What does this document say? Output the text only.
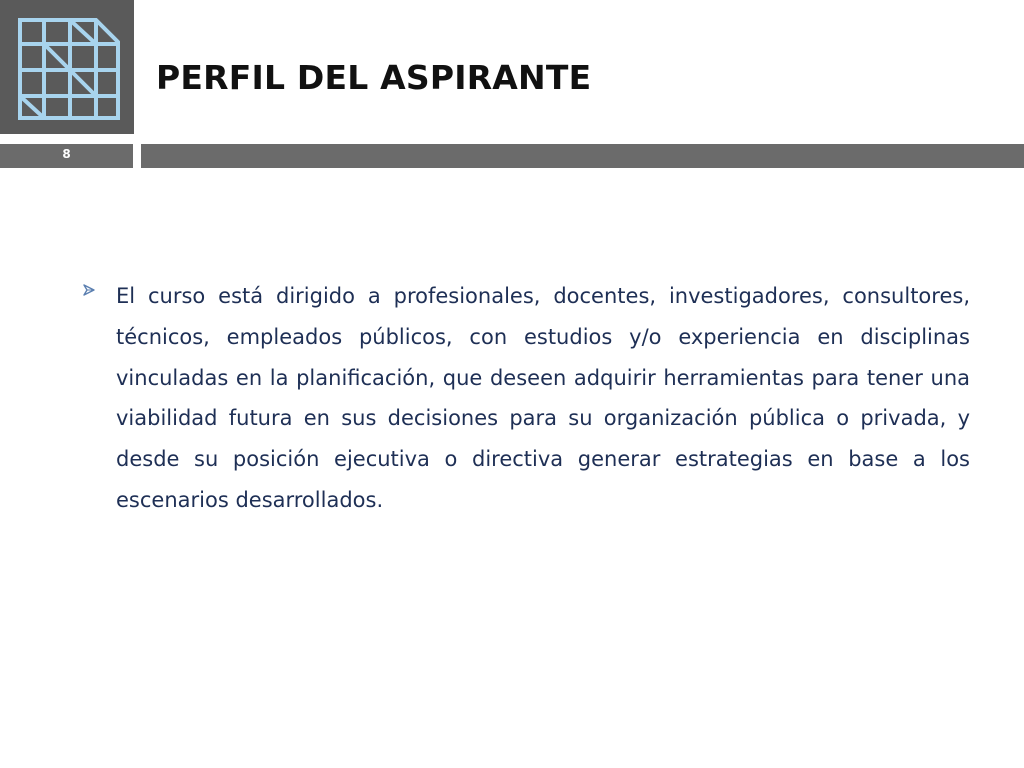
PERFIL DEL ASPIRANTE
8
El curso está dirigido a profesionales, docentes, investigadores, consultores, técnicos, empleados públicos, con estudios y/o experiencia en disciplinas vinculadas en la planificación, que deseen adquirir herramientas para tener una viabilidad futura en sus decisiones para su organización pública o privada, y desde su posición ejecutiva o directiva generar estrategias en base a los escenarios desarrollados.
